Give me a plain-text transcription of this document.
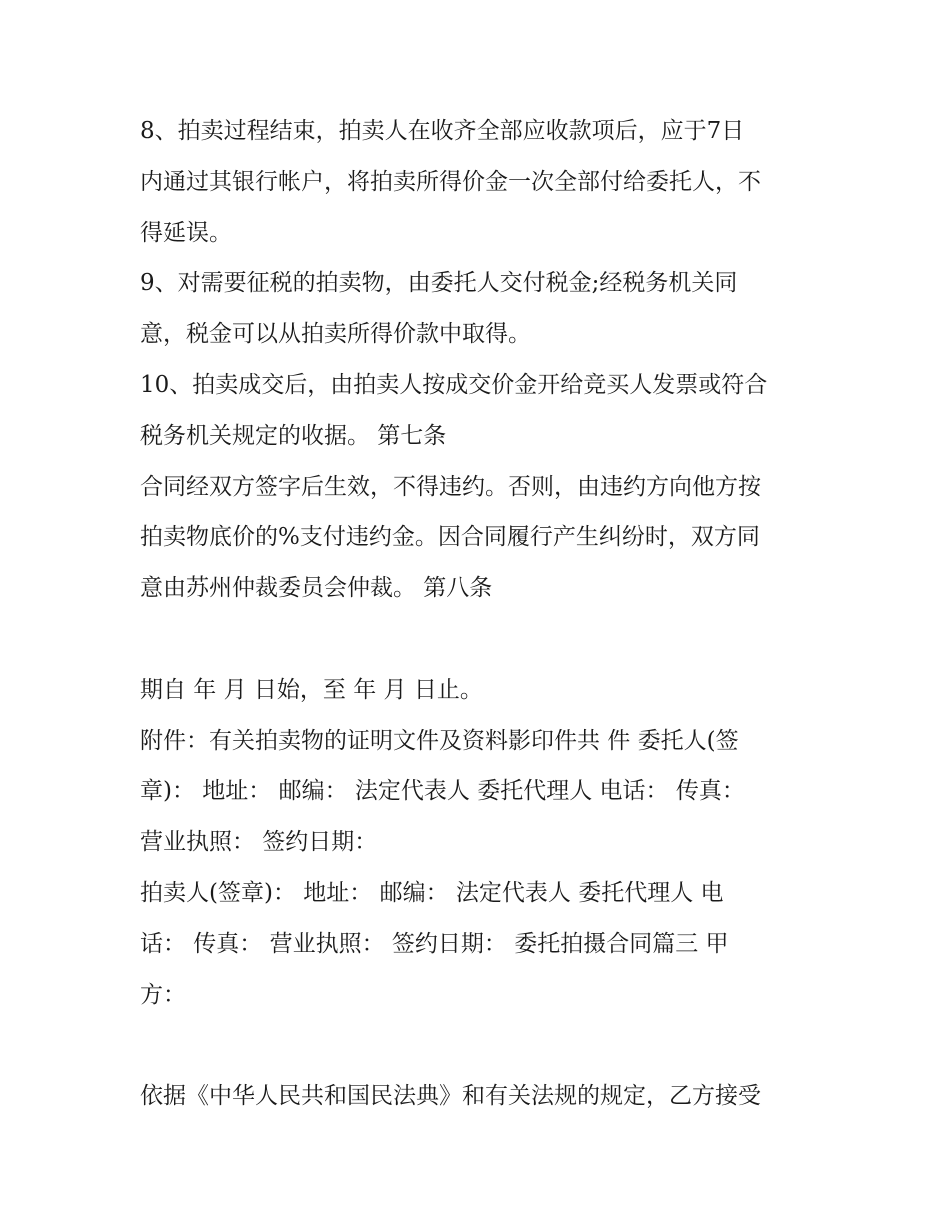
8、拍卖过程结束，拍卖人在收齐全部应收款项后，应于7日
内通过其银行帐户，将拍卖所得价金一次全部付给委托人，不
得延误。
9、对需要征税的拍卖物，由委托人交付税金;经税务机关同
意，税金可以从拍卖所得价款中取得。
10、拍卖成交后，由拍卖人按成交价金开给竞买人发票或符合
税务机关规定的收据。 第七条
合同经双方签字后生效，不得违约。否则，由违约方向他方按
拍卖物底价的%支付违约金。因合同履行产生纠纷时，双方同
意由苏州仲裁委员会仲裁。 第八条

期自 年 月 日始，至 年 月 日止。
附件：有关拍卖物的证明文件及资料影印件共 件 委托人(签
章)： 地址： 邮编： 法定代表人 委托代理人 电话： 传真：
营业执照： 签约日期：
拍卖人(签章)： 地址： 邮编： 法定代表人 委托代理人 电
话： 传真： 营业执照： 签约日期： 委托拍摄合同篇三 甲
方：

依据《中华人民共和国民法典》和有关法规的规定，乙方接受
